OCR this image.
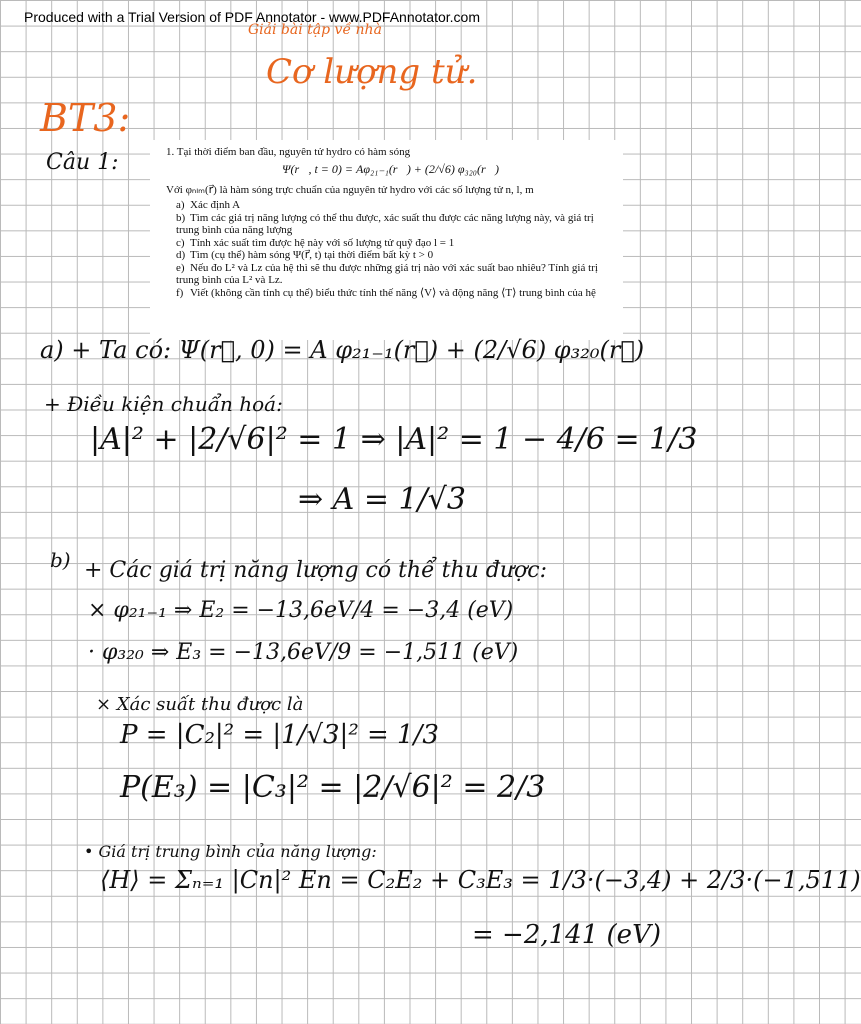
Produced with a Trial Version of PDF Annotator - www.PDFAnnotator.com
Giải bài tập về nhà
Cơ lượng tử.
BT3:
Câu 1:	1. Tại thời điểm ban đầu, nguyên tử hydro có hàm sóng
Ψ(r⃗, t = 0) = Aφ₂₁₋₁(r⃗) + (2/√6) φ₃₂₀(r⃗)
Với φₙₗₘ(r⃗) là hàm sóng trực chuẩn của nguyên tử hydro với các số lượng tử n, l, m
a) Xác định A
b) Tìm các giá trị năng lượng có thể thu được, xác suất thu được các năng lượng này, và giá trị trung bình của năng lượng
c) Tính xác suất tìm được hệ này với số lượng tử quỹ đạo l = 1
d) Tìm (cụ thể) hàm sóng Ψ(r⃗, t) tại thời điểm bất kỳ t > 0
e) Nếu đo L² và Lz của hệ thì sẽ thu được những giá trị nào với xác suất bao nhiêu? Tính giá trị trung bình của L² và Lz.
f) Viết (không cần tính cụ thể) biểu thức tính thế năng ⟨V⟩ và động năng ⟨T⟩ trung bình của hệ
a) + Ta có: Ψ(r⃗, 0) = A φ₂₁₋₁(r⃗) + (2/√6) φ₃₂₀(r⃗)
+ Điều kiện chuẩn hoá:
|A|² + |2/√6|² = 1 ⇒ |A|² = 1 − 4/6 = 1/3
⇒ A = 1/√3
b) + Các giá trị năng lượng có thể thu được:
× φ₂₁₋₁ ⇒ E₂ = −13,6eV/4 = −3,4 (eV)
· φ₃₂₀ ⇒ E₃ = −13,6eV/9 = −1,511 (eV)
× Xác suất thu được là
P = |C₂|² = |1/√3|² = 1/3
P(E₃) = |C₃|² = |2/√6|² = 2/3
• Giá trị trung bình của năng lượng:
⟨H⟩ = Σₙ₌₁ |Cn|² En = C₂E₂ + C₃E₃ = 1/3·(−3,4) + 2/3·(−1,511)
= −2,141 (eV)
